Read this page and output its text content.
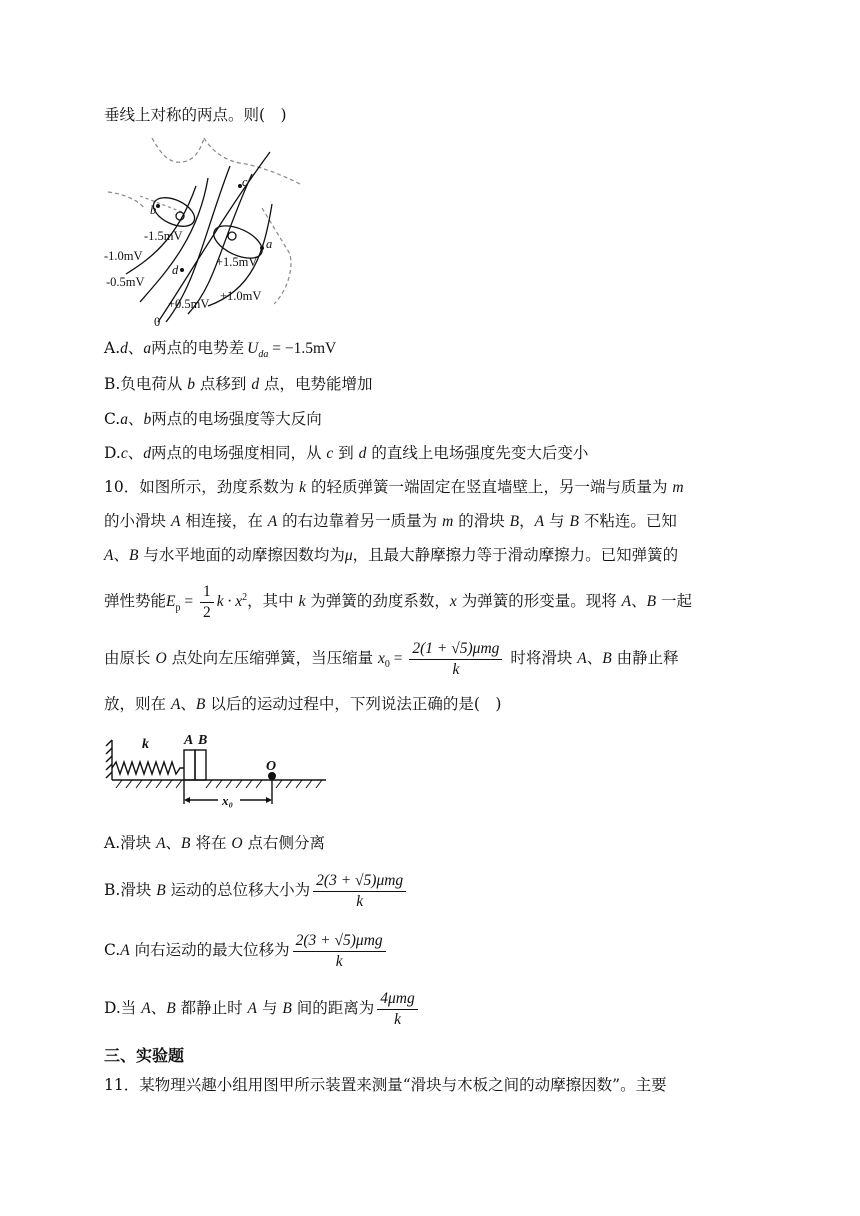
垂线上对称的两点。则(　)
c
b
a
d
0
-1.5mV
-1.0mV
-0.5mV
+1.5mV
+1.0mV
+0.5mV
A.d、a两点的电势差 $U_{da} = -1.5mV$
B.负电荷从 b 点移到 d 点，电势能增加
C.a、b两点的电场强度等大反向
D.c、d两点的电场强度相同，从 c 到 d 的直线上电场强度先变大后变小
10．如图所示，劲度系数为 k 的轻质弹簧一端固定在竖直墙壁上，另一端与质量为 m
的小滑块 A 相连接，在 A 的右边靠着另一质量为 m 的滑块 B，A 与 B 不粘连。已知
A、B 与水平地面的动摩擦因数均为μ，且最大静摩擦力等于滑动摩擦力。已知弹簧的
弹性势能$E_p = \frac{1}{2}$ $k \cdot x^2$，其中 k 为弹簧的劲度系数，x 为弹簧的形变量。现将 A、B 一起
由原长 O 点处向左压缩弹簧，当压缩量 $x_0 = \frac{\text{2(1 + √5)μmg}}{k}$ 时将滑块 A、B 由静止释
放，则在 A、B 以后的运动过程中，下列说法正确的是(　)
k	A B
O
x₀
A.滑块 A、B 将在 O 点右侧分离
B.滑块 B 运动的总位移大小为 $\frac{\text{2(3 + √5)μmg}}{k}$
C.A 向右运动的最大位移为 $\frac{\text{2(3 + √5)μmg}}{k}$
D.当 A、B 都静止时 A 与 B 间的距离为 $\frac{\text{4μmg}}{k}$
三、实验题
11．某物理兴趣小组用图甲所示装置来测量“滑块与木板之间的动摩擦因数”。主要
